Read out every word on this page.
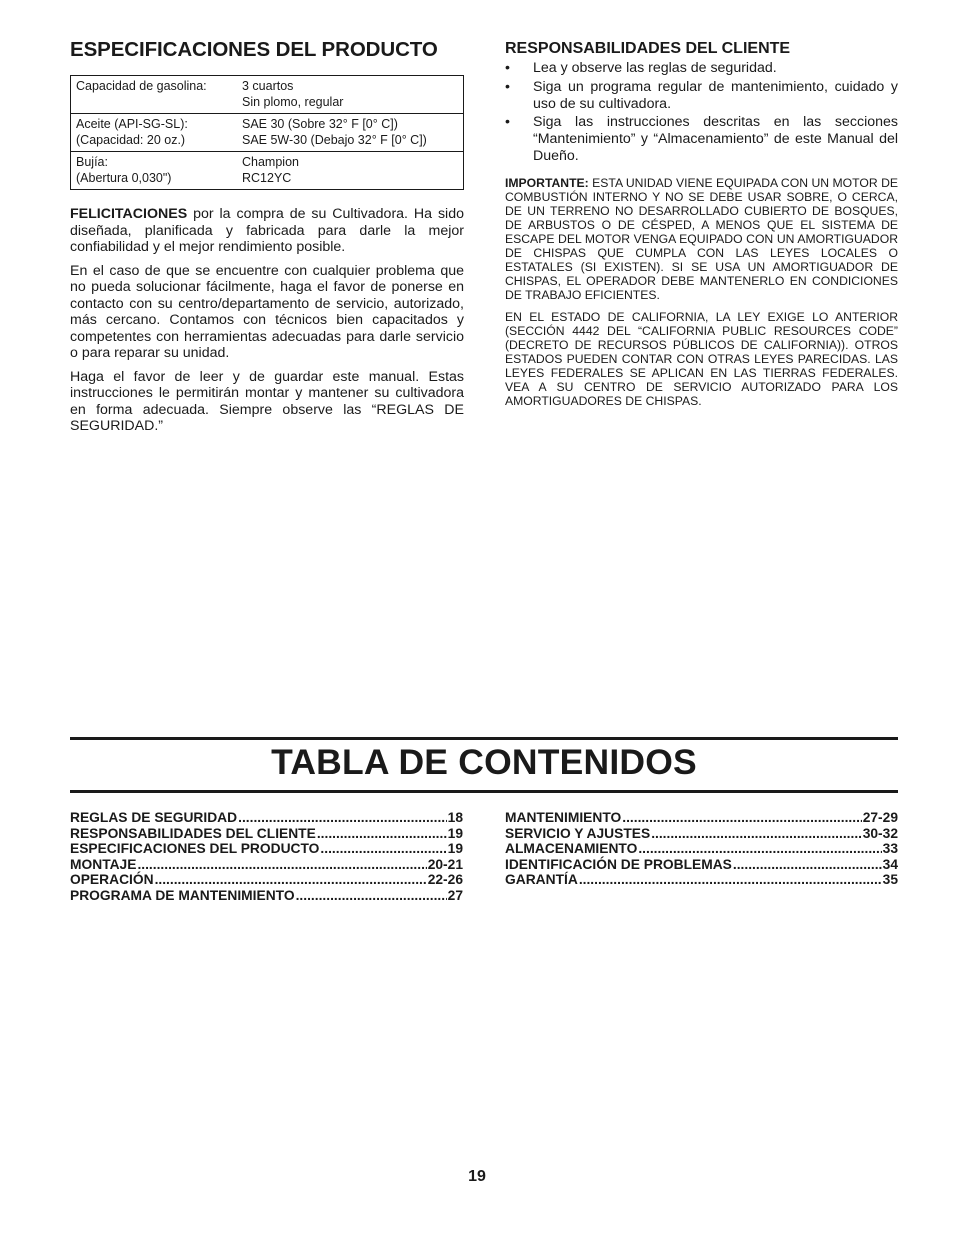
ESPECIFICACIONES DEL PRODUCTO
Capacidad de gasolina:	3 cuartos
Sin plomo, regular

Aceite (API-SG-SL):
(Capacidad: 20 oz.)	SAE 30 (Sobre 32° F [0° C])
SAE 5W-30 (Debajo 32° F [0° C])

Bujía:
(Abertura 0,030")	Champion
RC12YC

FELICITACIONES por la compra de su Cultivadora. Ha sido diseñada, planificada y fabricada para darle la mejor confiabilidad y el mejor rendimiento posible.

En el caso de que se encuentre con cualquier problema que no pueda solucionar fácilmente, haga el favor de ponerse en contacto con su centro/departamento de servicio, autorizado, más cercano. Contamos con técnicos bien capacitados y competentes con herramientas adecuadas para darle servicio o para reparar su unidad.

Haga el favor de leer y de guardar este manual. Estas instrucciones le permitirán montar y mantener su cultivadora en forma adecuada. Siempre observe las “REGLAS DE SEGURIDAD.”

RESPONSABILIDADES DEL CLIENTE
• Lea y observe las reglas de seguridad.
• Siga un programa regular de mantenimiento, cuidado y uso de su cultivadora.
• Siga las instrucciones descritas en las secciones “Mantenimiento” y “Almacenamiento” de este Manual del Dueño.

IMPORTANTE: ESTA UNIDAD VIENE EQUIPADA CON UN MOTOR DE COMBUSTIÓN INTERNO Y NO SE DEBE USAR SOBRE, O CERCA, DE UN TERRENO NO DESARROLLADO CUBIERTO DE BOSQUES, DE ARBUSTOS O DE CÉSPED, A MENOS QUE EL SISTEMA DE ESCAPE DEL MOTOR VENGA EQUIPADO CON UN AMORTIGUADOR DE CHISPAS QUE CUMPLA CON LAS LEYES LOCALES O ESTATALES (SI EXISTEN). SI SE USA UN AMORTIGUADOR DE CHISPAS, EL OPERADOR DEBE MANTENERLO EN CONDICIONES DE TRABAJO EFICIENTES.

EN EL ESTADO DE CALIFORNIA, LA LEY EXIGE LO ANTERIOR (SECCIÓN 4442 DEL “CALIFORNIA PUBLIC RESOURCES CODE” (DECRETO DE RECURSOS PÚBLICOS DE CALIFORNIA)). OTROS ESTADOS PUEDEN CONTAR CON OTRAS LEYES PARECIDAS. LAS LEYES FEDERALES SE APLICAN EN LAS TIERRAS FEDERALES. VEA A SU CENTRO DE SERVICIO AUTORIZADO PARA LOS AMORTIGUADORES DE CHISPAS.

TABLA DE CONTENIDOS
REGLAS DE SEGURIDAD .....	18
RESPONSABILIDADES DEL CLIENTE .....	19
ESPECIFICACIONES DEL PRODUCTO .....	19
MONTAJE .....	20-21
OPERACIÓN .....	22-26
PROGRAMA DE MANTENIMIENTO .....	27
MANTENIMIENTO .....	27-29
SERVICIO Y AJUSTES .....	30-32
ALMACENAMIENTO .....	33
IDENTIFICACIÓN DE PROBLEMAS .....	34
GARANTÍA .....	35
19
